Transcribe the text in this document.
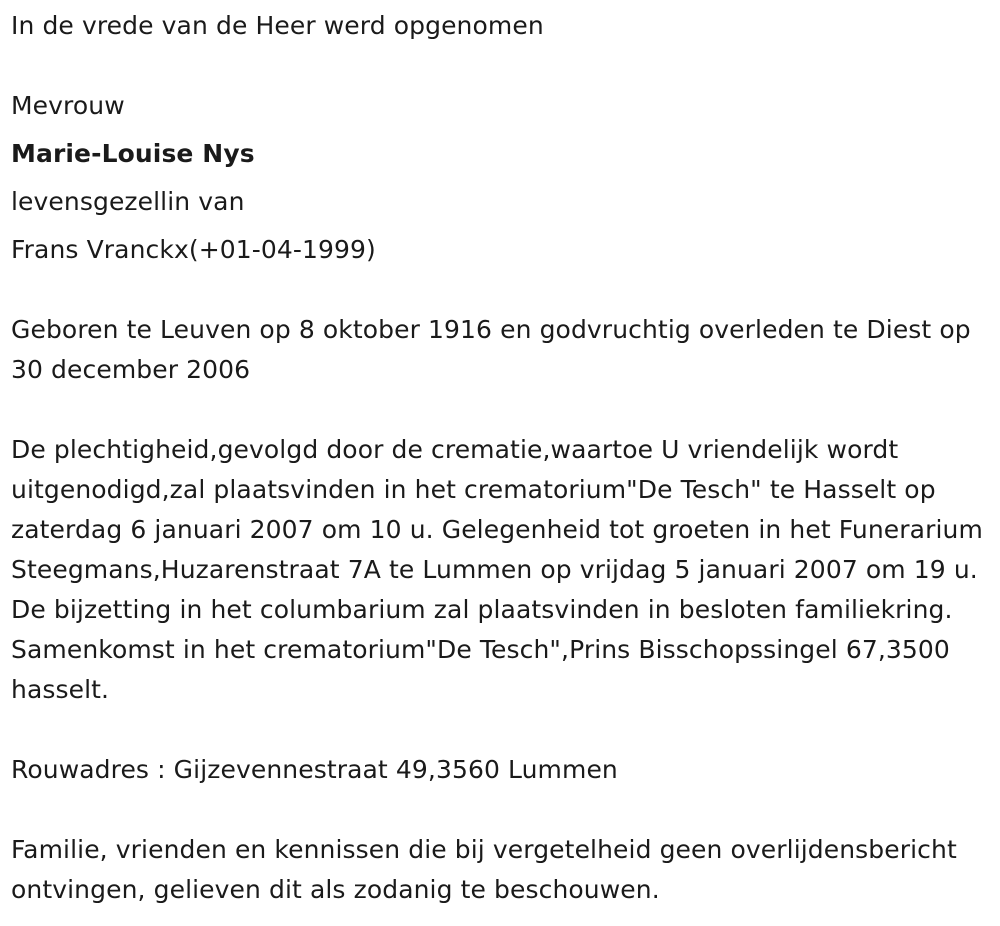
In de vrede van de Heer werd opgenomen

Mevrouw

Marie-Louise Nys

levensgezellin van

Frans Vranckx(+01-04-1999)

Geboren te Leuven op 8 oktober 1916 en godvruchtig overleden te Diest op 30 december 2006

De plechtigheid,gevolgd door de crematie,waartoe U vriendelijk wordt uitgenodigd,zal plaatsvinden in het crematorium"De Tesch" te Hasselt op zaterdag 6 januari 2007 om 10 u. Gelegenheid tot groeten in het Funerarium Steegmans,Huzarenstraat 7A te Lummen op vrijdag 5 januari 2007 om 19 u. De bijzetting in het columbarium zal plaatsvinden in besloten familiekring. Samenkomst in het crematorium"De Tesch",Prins Bisschopssingel 67,3500 hasselt.

Rouwadres : Gijzevennestraat 49,3560 Lummen

Familie, vrienden en kennissen die bij vergetelheid geen overlijdensbericht ontvingen, gelieven dit als zodanig te beschouwen.
